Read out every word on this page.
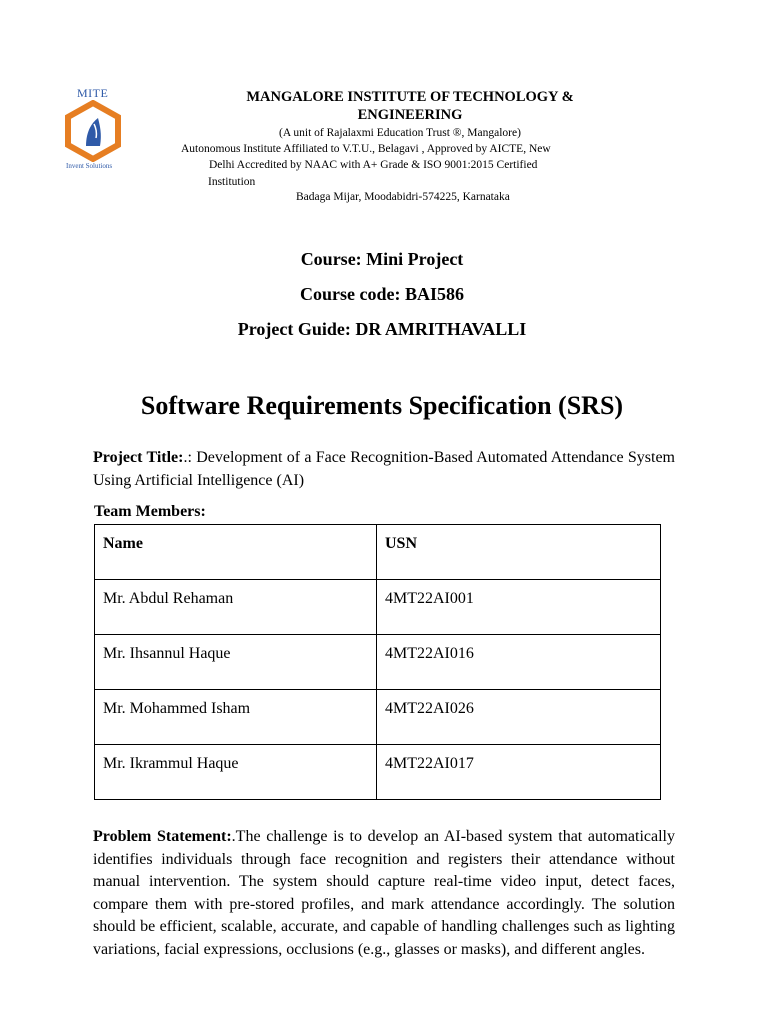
MITE
Invent Solutions
MANGALORE INSTITUTE OF TECHNOLOGY & ENGINEERING
(A unit of Rajalaxmi Education Trust ®, Mangalore)
Autonomous Institute Affiliated to V.T.U., Belagavi , Approved by AICTE, New
Delhi Accredited by NAAC with A+ Grade & ISO 9001:2015 Certified
Institution
Badaga Mijar, Moodabidri-574225, Karnataka
Course: Mini Project
Course code: BAI586
Project Guide: DR AMRITHAVALLI
Software Requirements Specification (SRS)
Project Title:.: Development of a Face Recognition-Based Automated Attendance System Using Artificial Intelligence (AI)
Team Members:
Name	USN
Mr. Abdul Rehaman	4MT22AI001
Mr. Ihsannul Haque	4MT22AI016
Mr. Mohammed Isham	4MT22AI026
Mr. Ikrammul Haque	4MT22AI017
Problem Statement:.The challenge is to develop an AI-based system that automatically identifies individuals through face recognition and registers their attendance without manual intervention. The system should capture real-time video input, detect faces, compare them with pre-stored profiles, and mark attendance accordingly. The solution should be efficient, scalable, accurate, and capable of handling challenges such as lighting variations, facial expressions, occlusions (e.g., glasses or masks), and different angles.
